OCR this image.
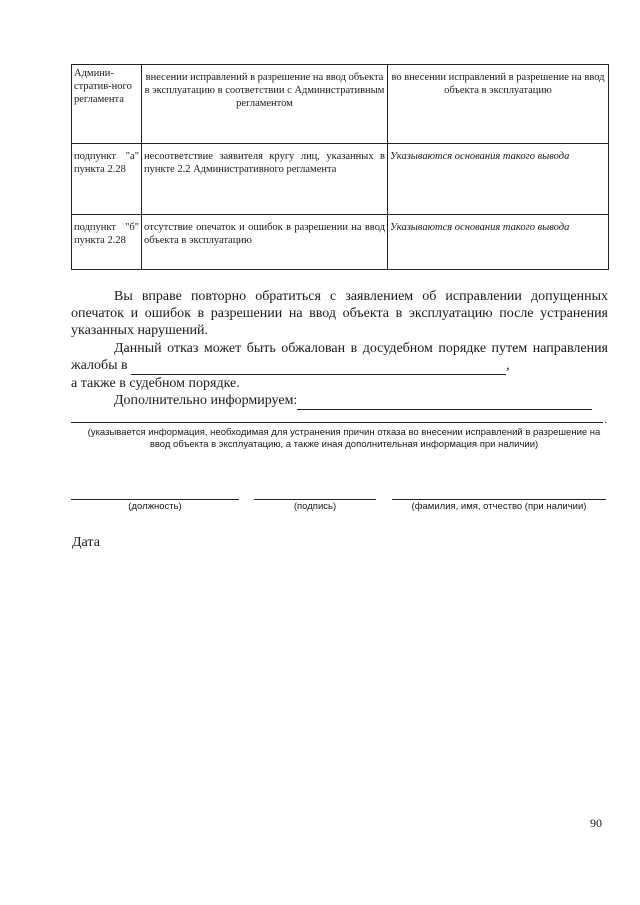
Админи-стратив-ного регламента	внесении исправлений в разрешение на ввод объекта в эксплуатацию в соответствии с Административным регламентом	во внесении исправлений в разрешение на ввод объекта в эксплуатацию
подпункт "а" пункта 2.28	несоответствие заявителя кругу лиц, указанных в пункте 2.2 Административного регламента	Указываются основания такого вывода
подпункт "б" пункта 2.28	отсутствие опечаток и ошибок в разрешении на ввод объекта в эксплуатацию	Указываются основания такого вывода
Вы вправе повторно обратиться с заявлением об исправлении допущенных опечаток и ошибок в разрешении на ввод объекта в эксплуатацию после устранения указанных нарушений.
Данный отказ может быть обжалован в досудебном порядке путем направления жалобы в	,
а также в судебном порядке.
Дополнительно информируем:
.
(указывается информация, необходимая для устранения причин отказа во внесении исправлений в разрешение на ввод объекта в эксплуатацию, а также иная дополнительная информация при наличии)
(должность)	(подпись)	(фамилия, имя, отчество (при наличии)
Дата
90
